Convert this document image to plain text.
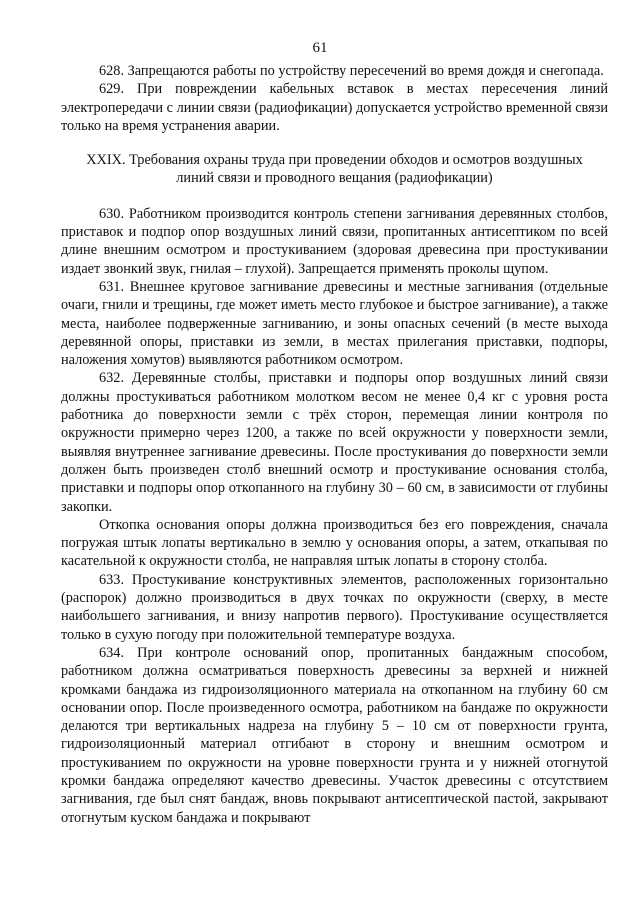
61

628. Запрещаются работы по устройству пересечений во время дождя и снегопада.

629. При повреждении кабельных вставок в местах пересечения линий электропередачи с линии связи (радиофикации) допускается устройство временной связи только на время устранения аварии.

XXIX. Требования охраны труда при проведении обходов и осмотров воздушных линий связи и проводного вещания (радиофикации)

630. Работником производится контроль степени загнивания деревянных столбов, приставок и подпор опор воздушных линий связи, пропитанных антисептиком по всей длине внешним осмотром и простукиванием (здоровая древесина при простукивании издает звонкий звук, гнилая – глухой). Запрещается применять проколы щупом.

631. Внешнее круговое загнивание древесины и местные загнивания (отдельные очаги, гнили и трещины, где может иметь место глубокое и быстрое загнивание), а также места, наиболее подверженные загниванию, и зоны опасных сечений (в месте выхода деревянной опоры, приставки из земли, в местах прилегания приставки, подпоры, наложения хомутов) выявляются работником осмотром.

632. Деревянные столбы, приставки и подпоры опор воздушных линий связи должны простукиваться работником молотком весом не менее 0,4 кг с уровня роста работника до поверхности земли с трёх сторон, перемещая линии контроля по окружности примерно через 1200, а также по всей окружности у поверхности земли, выявляя внутреннее загнивание древесины. После простукивания до поверхности земли должен быть произведен столб внешний осмотр и простукивание основания столба, приставки и подпоры опор откопанного на глубину 30 – 60 см, в зависимости от глубины закопки.

Откопка основания опоры должна производиться без его повреждения, сначала погружая штык лопаты вертикально в землю у основания опоры, а затем, откапывая по касательной к окружности столба, не направляя штык лопаты в сторону столба.

633. Простукивание конструктивных элементов, расположенных горизонтально (распорок) должно производиться в двух точках по окружности (сверху, в месте наибольшего загнивания, и внизу напротив первого). Простукивание осуществляется только в сухую погоду при положительной температуре воздуха.

634. При контроле оснований опор, пропитанных бандажным способом, работником должна осматриваться поверхность древесины за верхней и нижней кромками бандажа из гидроизоляционного материала на откопанном на глубину 60 см основании опор. После произведенного осмотра, работником на бандаже по окружности делаются три вертикальных надреза на глубину 5 – 10 см от поверхности грунта, гидроизоляционный материал отгибают в сторону и внешним осмотром и простукиванием по окружности на уровне поверхности грунта и у нижней отогнутой кромки бандажа определяют качество древесины. Участок древесины с отсутствием загнивания, где был снят бандаж, вновь покрывают антисептической пастой, закрывают отогнутым куском бандажа и покрывают
